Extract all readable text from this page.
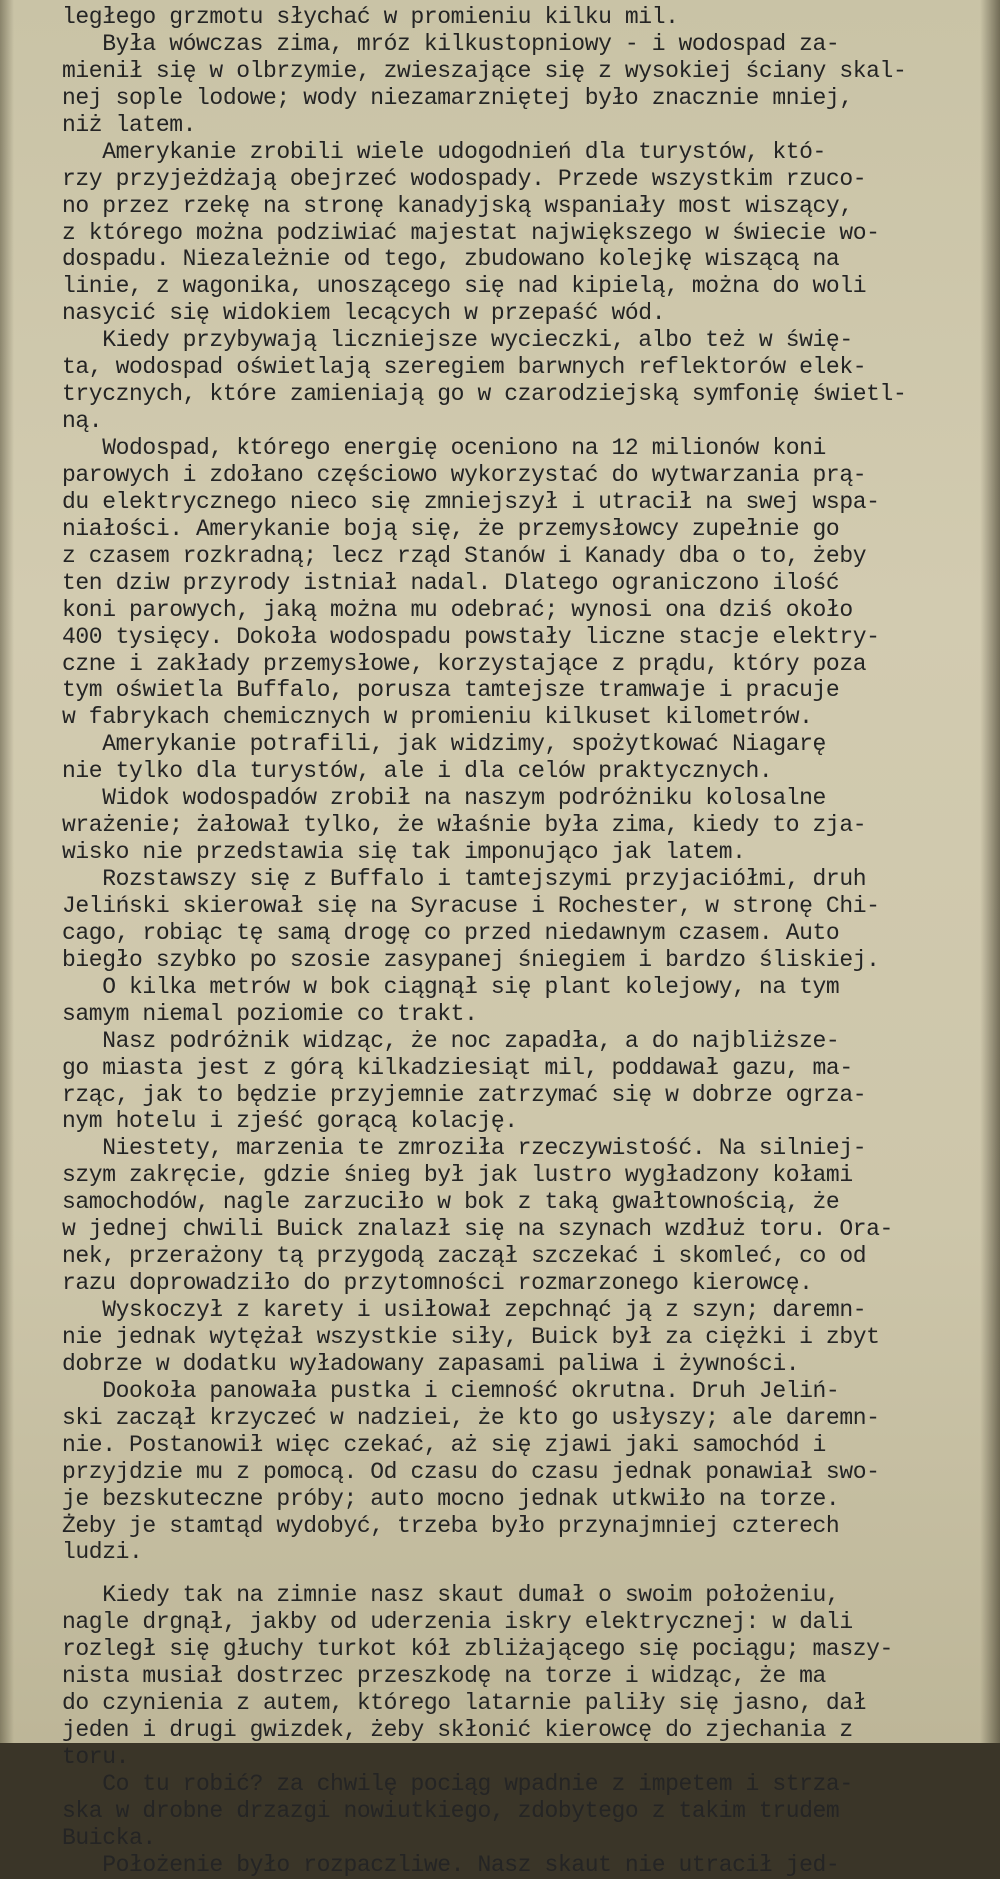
ległego grzmotu słychać w promieniu kilku mil.
Była wówczas zima, mróz kilkustopniowy - i wodospad za-
mienił się w olbrzymie, zwieszające się z wysokiej ściany skal-
nej sople lodowe; wody niezamarzniętej było znacznie mniej,
niż latem.
Amerykanie zrobili wiele udogodnień dla turystów, któ-
rzy przyjeżdżają obejrzeć wodospady. Przede wszystkim rzuco-
no przez rzekę na stronę kanadyjską wspaniały most wiszący,
z którego można podziwiać majestat największego w świecie wo-
dospadu. Niezależnie od tego, zbudowano kolejkę wiszącą na
linie, z wagonika, unoszącego się nad kipielą, można do woli
nasycić się widokiem lecących w przepaść wód.
Kiedy przybywają liczniejsze wycieczki, albo też w świę-
ta, wodospad oświetlają szeregiem barwnych reflektorów elek-
trycznych, które zamieniają go w czarodziejską symfonię świetl-
ną.
Wodospad, którego energię oceniono na 12 milionów koni
parowych i zdołano częściowo wykorzystać do wytwarzania prą-
du elektrycznego nieco się zmniejszył i utracił na swej wspa-
niałości. Amerykanie boją się, że przemysłowcy zupełnie go
z czasem rozkradną; lecz rząd Stanów i Kanady dba o to, żeby
ten dziw przyrody istniał nadal. Dlatego ograniczono ilość
koni parowych, jaką można mu odebrać; wynosi ona dziś około
400 tysięcy. Dokoła wodospadu powstały liczne stacje elektry-
czne i zakłady przemysłowe, korzystające z prądu, który poza
tym oświetla Buffalo, porusza tamtejsze tramwaje i pracuje
w fabrykach chemicznych w promieniu kilkuset kilometrów.
Amerykanie potrafili, jak widzimy, spożytkować Niagarę
nie tylko dla turystów, ale i dla celów praktycznych.
Widok wodospadów zrobił na naszym podróżniku kolosalne
wrażenie; żałował tylko, że właśnie była zima, kiedy to zja-
wisko nie przedstawia się tak imponująco jak latem.
Rozstawszy się z Buffalo i tamtejszymi przyjaciółmi, druh
Jeliński skierował się na Syracuse i Rochester, w stronę Chi-
cago, robiąc tę samą drogę co przed niedawnym czasem. Auto
biegło szybko po szosie zasypanej śniegiem i bardzo śliskiej.
O kilka metrów w bok ciągnął się plant kolejowy, na tym
samym niemal poziomie co trakt.
Nasz podróżnik widząc, że noc zapadła, a do najbliższe-
go miasta jest z górą kilkadziesiąt mil, poddawał gazu, ma-
rząc, jak to będzie przyjemnie zatrzymać się w dobrze ogrza-
nym hotelu i zjeść gorącą kolację.
Niestety, marzenia te zmroziła rzeczywistość. Na silniej-
szym zakręcie, gdzie śnieg był jak lustro wygładzony kołami
samochodów, nagle zarzuciło w bok z taką gwałtownością, że
w jednej chwili Buick znalazł się na szynach wzdłuż toru. Ora-
nek, przerażony tą przygodą zaczął szczekać i skomleć, co od
razu doprowadziło do przytomności rozmarzonego kierowcę.
Wyskoczył z karety i usiłował zepchnąć ją z szyn; daremn-
nie jednak wytężał wszystkie siły, Buick był za ciężki i zbyt
dobrze w dodatku wyładowany zapasami paliwa i żywności.
Dookoła panowała pustka i ciemność okrutna. Druh Jeliń-
ski zaczął krzyczeć w nadziei, że kto go usłyszy; ale daremn-
nie. Postanowił więc czekać, aż się zjawi jaki samochód i
przyjdzie mu z pomocą. Od czasu do czasu jednak ponawiał swo-
je bezskuteczne próby; auto mocno jednak utkwiło na torze.
Żeby je stamtąd wydobyć, trzeba było przynajmniej czterech
ludzi.
Kiedy tak na zimnie nasz skaut dumał o swoim położeniu,
nagle drgnął, jakby od uderzenia iskry elektrycznej: w dali
rozległ się głuchy turkot kół zbliżającego się pociągu; maszy-
nista musiał dostrzec przeszkodę na torze i widząc, że ma
do czynienia z autem, którego latarnie paliły się jasno, dał
jeden i drugi gwizdek, żeby skłonić kierowcę do zjechania z
toru.
Co tu robić? za chwilę pociąg wpadnie z impetem i strza-
ska w drobne drzazgi nowiutkiego, zdobytego z takim trudem
Buicka.
Położenie było rozpaczliwe. Nasz skaut nie utracił jed-
